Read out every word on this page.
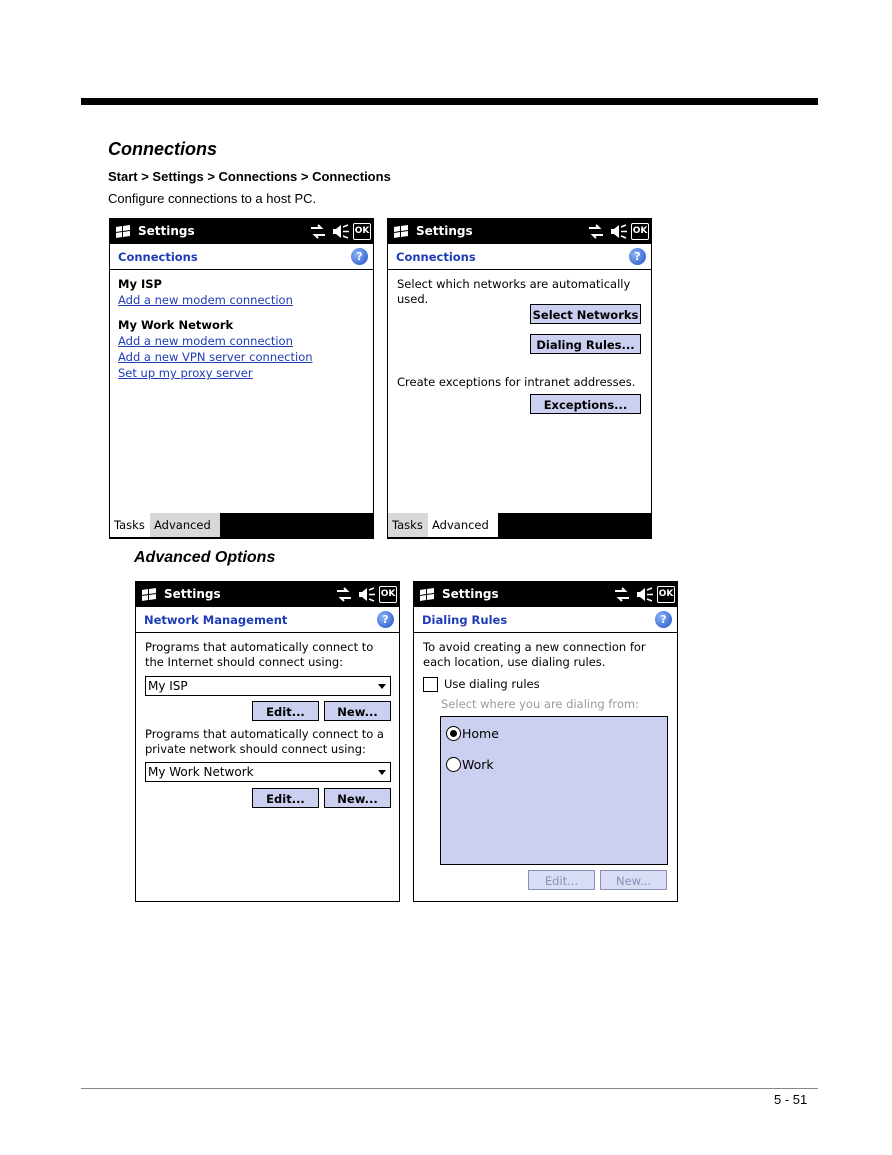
Connections
Start > Settings > Connections > Connections
Configure connections to a host PC.
Advanced Options
5 - 51
Settings	OK
Connections	?
My ISP
Add a new modem connection
My Work Network
Add a new modem connection
Add a new VPN server connection
Set up my proxy server
Tasks Advanced
Settings	OK
Connections	?
Select which networks are automatically used.
Select Networks
Dialing Rules...
Create exceptions for intranet addresses.
Exceptions...
Tasks Advanced
Settings	OK
Network Management	?
Programs that automatically connect to the Internet should connect using:
My ISP
Edit...	New...
Programs that automatically connect to a private network should connect using:
My Work Network
Edit...	New...
Settings	OK
Dialing Rules	?
To avoid creating a new connection for each location, use dialing rules.
Use dialing rules
Select where you are dialing from:
Home
Work
Edit...	New...
